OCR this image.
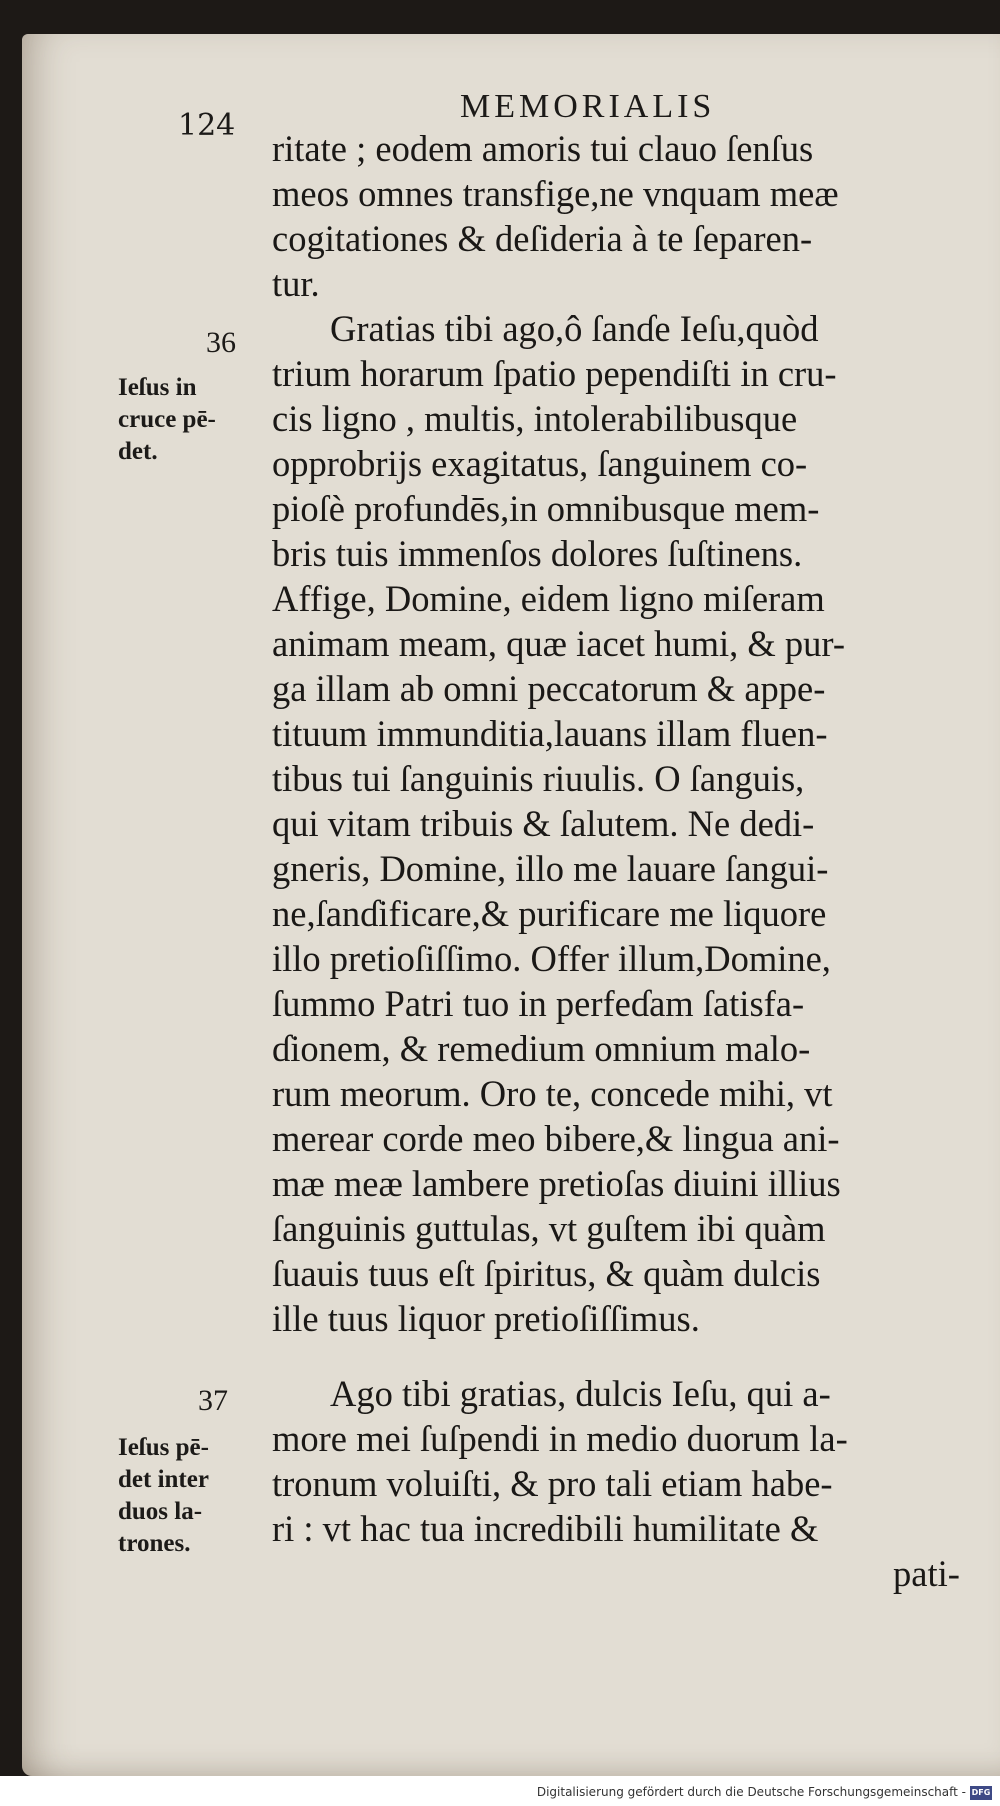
124
MEMORIALIS
ritate ; eodem amoris tui clauo ſenſus
meos omnes transfige,ne vnquam meæ
cogitationes & deſideria à te ſeparen-
tur.
Gratias tibi ago,ô ſanɗe Ieſu,quòd
trium horarum ſpatio pependiſti in cru-
cis ligno , multis, intolerabilibusque
opprobrijs exagitatus, ſanguinem co-
pioſè profundēs,in omnibusque mem-
bris tuis immenſos dolores ſuſtinens.
Affige, Domine, eidem ligno miſeram
animam meam, quæ iacet humi, & pur-
ga illam ab omni peccatorum & appe-
tituum immunditia,lauans illam fluen-
tibus tui ſanguinis riuulis. O ſanguis,
qui vitam tribuis & ſalutem. Ne dedi-
gneris, Domine, illo me lauare ſangui-
ne,ſanɗificare,& purificare me liquore
illo pretioſiſſimo. Offer illum,Domine,
ſummo Patri tuo in perfeɗam ſatisfa-
ɗionem, & remedium omnium malo-
rum meorum. Oro te, concede mihi, vt
merear corde meo bibere,& lingua ani-
mæ meæ lambere pretioſas diuini illius
ſanguinis guttulas, vt guſtem ibi quàm
ſuauis tuus eſt ſpiritus, & quàm dulcis
ille tuus liquor pretioſiſſimus.
Ago tibi gratias, dulcis Ieſu, qui a-
more mei ſuſpendi in medio duorum la-
tronum voluiſti, & pro tali etiam habe-
ri : vt hac tua incredibili humilitate &
pati-
36
37
Ieſus in
cruce pē-
det.
Ieſus pē-
det inter
duos la-
trones.
Digitalisierung gefördert durch die Deutsche Forschungsgemeinschaft - DFG
